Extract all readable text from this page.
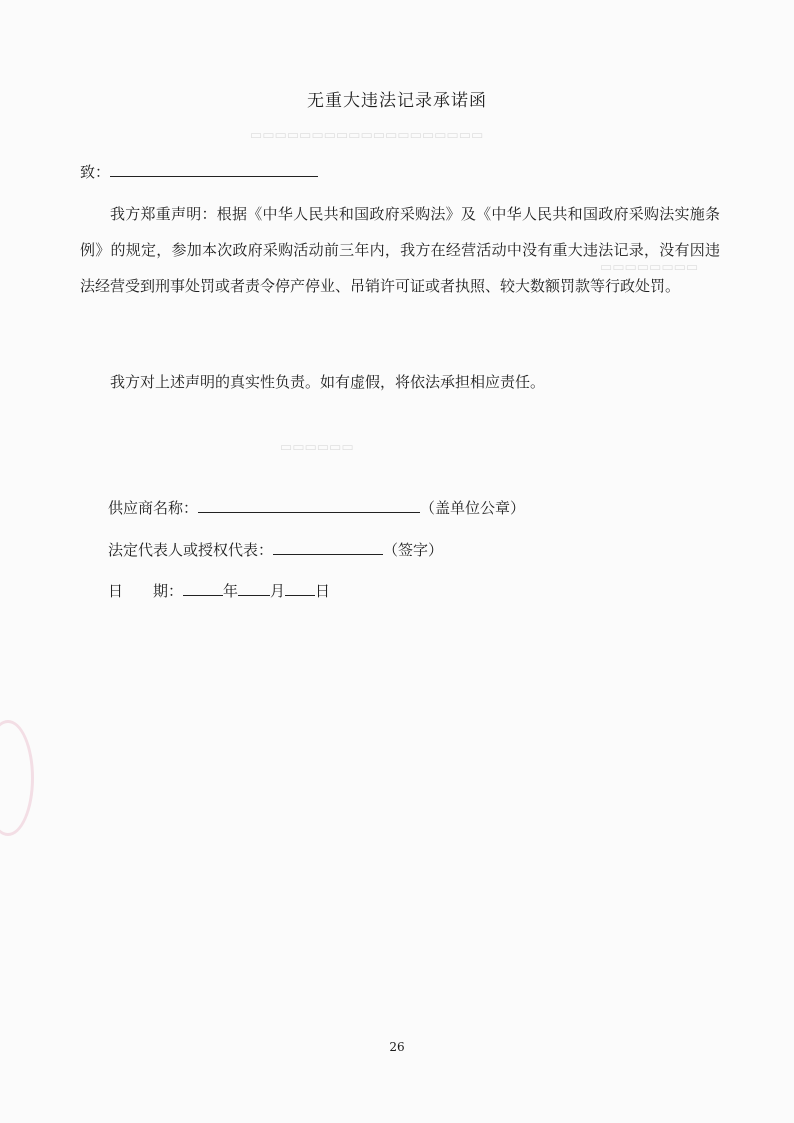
▭▭▭▭▭▭▭▭▭▭▭▭▭▭▭▭▭▭▭
▭▭▭▭▭▭▭▭
▭▭▭▭▭▭
无重大违法记录承诺函
致：
我方郑重声明：根据《中华人民共和国政府采购法》及《中华人民共和国政府采购法实施条例》的规定，参加本次政府采购活动前三年内，我方在经营活动中没有重大违法记录，没有因违法经营受到刑事处罚或者责令停产停业、吊销许可证或者执照、较大数额罚款等行政处罚。
我方对上述声明的真实性负责。如有虚假，将依法承担相应责任。
供应商名称：	（盖单位公章）
法定代表人或授权代表：	（签字）
日　　期：	年 月 日
26
